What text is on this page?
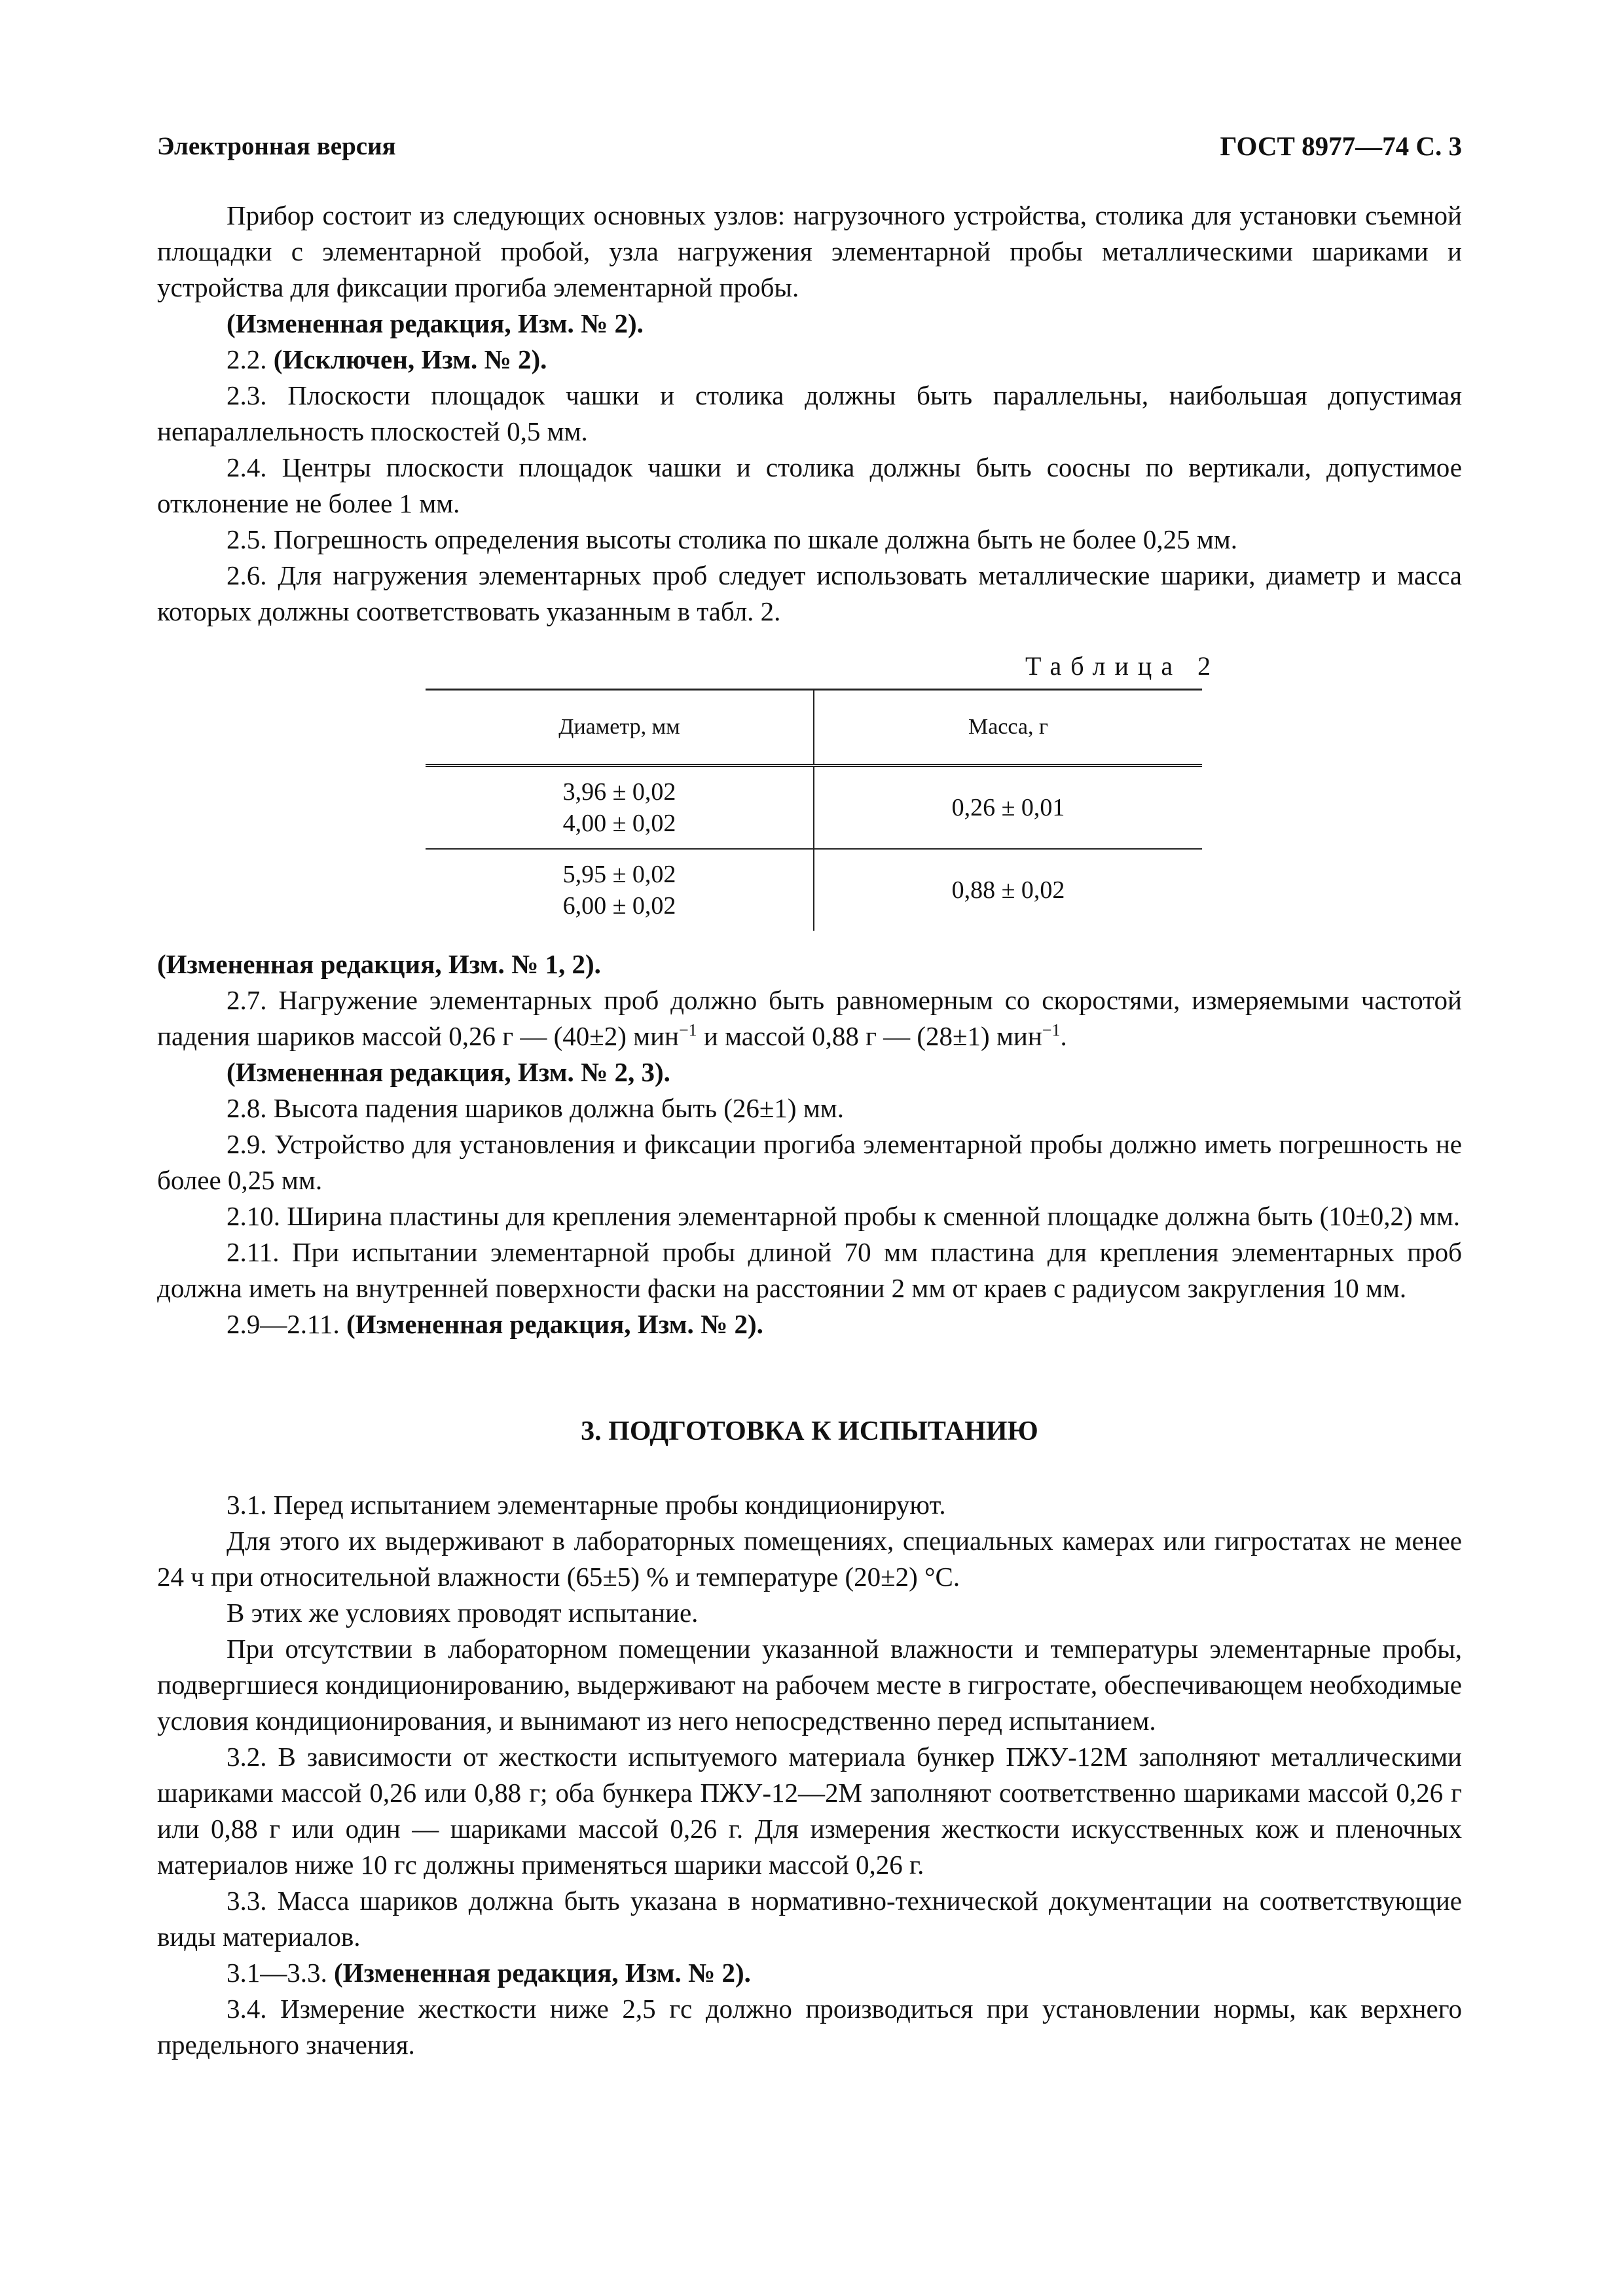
Электронная версия	ГОСТ 8977—74 С. 3

Прибор состоит из следующих основных узлов: нагрузочного устройства, столика для установки съемной площадки с элементарной пробой, узла нагружения элементарной пробы металлическими шариками и устройства для фиксации прогиба элементарной пробы.

(Измененная редакция, Изм. № 2).

2.2. (Исключен, Изм. № 2).

2.3. Плоскости площадок чашки и столика должны быть параллельны, наибольшая допустимая непараллельность плоскостей 0,5 мм.

2.4. Центры плоскости площадок чашки и столика должны быть соосны по вертикали, допустимое отклонение не более 1 мм.

2.5. Погрешность определения высоты столика по шкале должна быть не более 0,25 мм.

2.6. Для нагружения элементарных проб следует использовать металлические шарики, диаметр и масса которых должны соответствовать указанным в табл. 2.

Таблица 2
Диаметр, мм	Масса, г

3,96 ± 0,02
4,00 ± 0,02	0,26 ± 0,01

5,95 ± 0,02
6,00 ± 0,02	0,88 ± 0,02

(Измененная редакция, Изм. № 1, 2).

2.7. Нагружение элементарных проб должно быть равномерным со скоростями, измеряемыми частотой падения шариков массой 0,26 г — (40±2) мин$^{-1}$ и массой 0,88 г — (28±1) мин$^{-1}$.

(Измененная редакция, Изм. № 2, 3).

2.8. Высота падения шариков должна быть (26±1) мм.

2.9. Устройство для установления и фиксации прогиба элементарной пробы должно иметь погрешность не более 0,25 мм.

2.10. Ширина пластины для крепления элементарной пробы к сменной площадке должна быть (10±0,2) мм.

2.11. При испытании элементарной пробы длиной 70 мм пластина для крепления элементарных проб должна иметь на внутренней поверхности фаски на расстоянии 2 мм от краев с радиусом закругления 10 мм.

2.9—2.11. (Измененная редакция, Изм. № 2).

3. ПОДГОТОВКА К ИСПЫТАНИЮ

3.1. Перед испытанием элементарные пробы кондиционируют.

Для этого их выдерживают в лабораторных помещениях, специальных камерах или гигростатах не менее 24 ч при относительной влажности (65±5) % и температуре (20±2) °С.

В этих же условиях проводят испытание.

При отсутствии в лабораторном помещении указанной влажности и температуры элементарные пробы, подвергшиеся кондиционированию, выдерживают на рабочем месте в гигростате, обеспечивающем необходимые условия кондиционирования, и вынимают из него непосредственно перед испытанием.

3.2. В зависимости от жесткости испытуемого материала бункер ПЖУ-12М заполняют металлическими шариками массой 0,26 или 0,88 г; оба бункера ПЖУ-12—2М заполняют соответственно шариками массой 0,26 г или 0,88 г или один — шариками массой 0,26 г. Для измерения жесткости искусственных кож и пленочных материалов ниже 10 гс должны применяться шарики массой 0,26 г.

3.3. Масса шариков должна быть указана в нормативно-технической документации на соответствующие виды материалов.

3.1—3.3. (Измененная редакция, Изм. № 2).

3.4. Измерение жесткости ниже 2,5 гс должно производиться при установлении нормы, как верхнего предельного значения.
